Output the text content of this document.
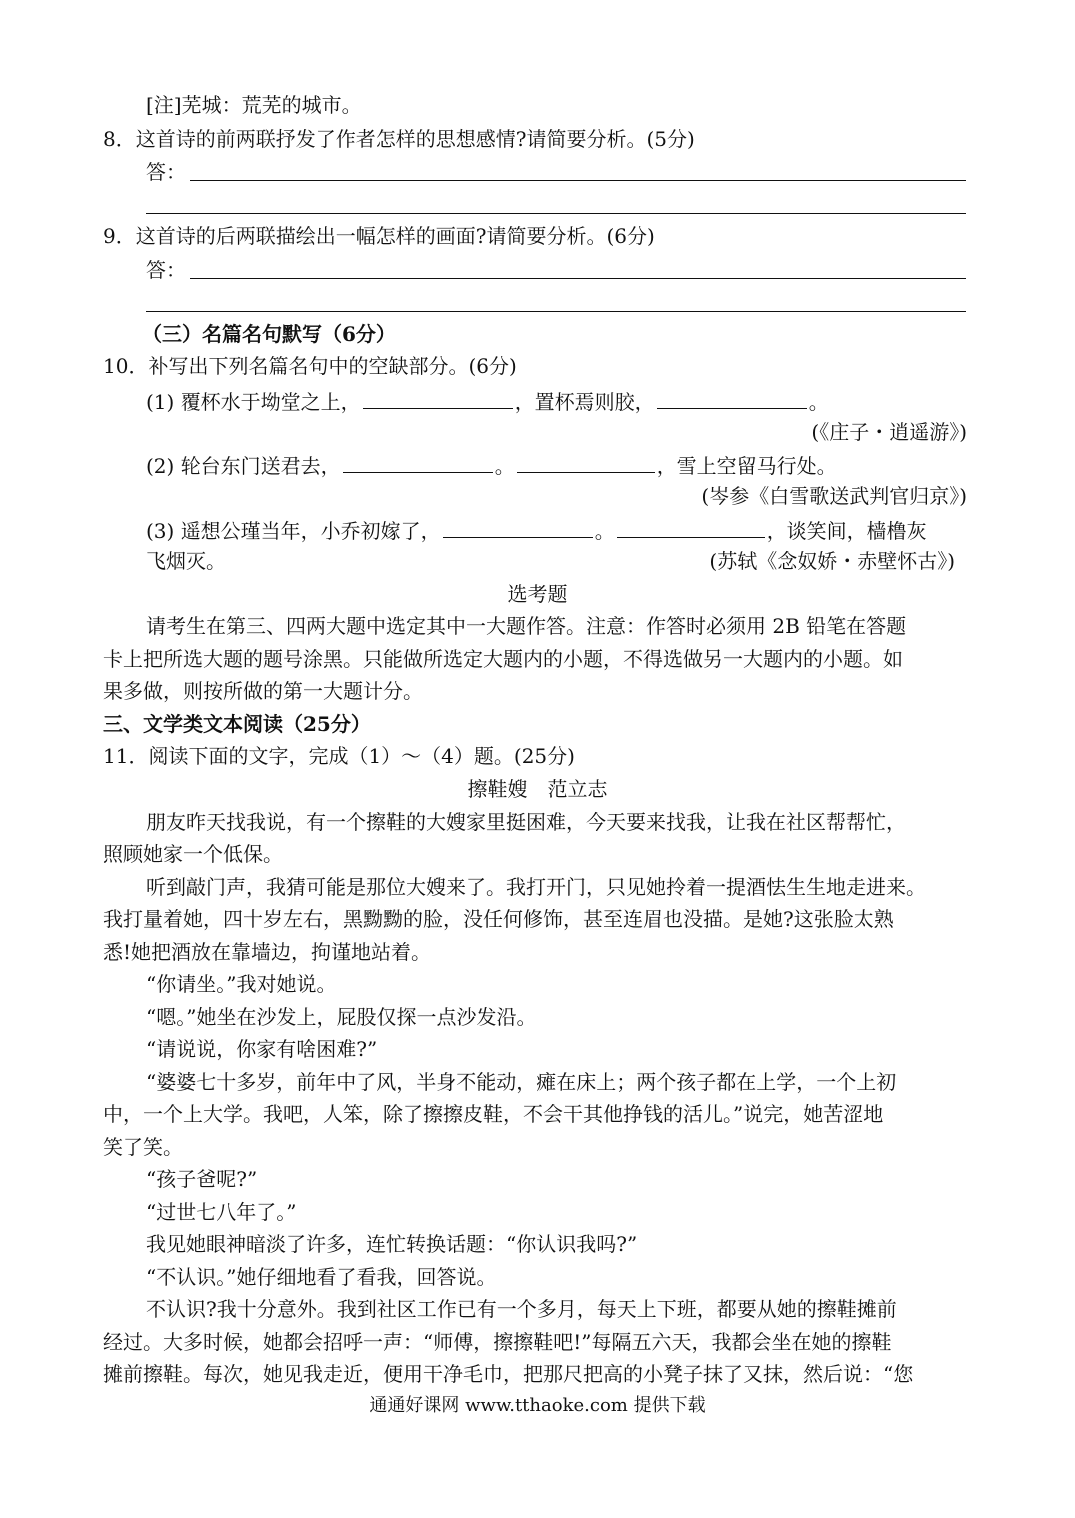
[注]芜城：荒芜的城市。
8．这首诗的前两联抒发了作者怎样的思想感情?请简要分析。(5分)
答：
9．这首诗的后两联描绘出一幅怎样的画面?请简要分析。(6分)
答：
（三）名篇名句默写（6分）
10．补写出下列名篇名句中的空缺部分。(6分)
(1) 覆杯水于坳堂之上，	，置杯焉则胶，	。
(《庄子・逍遥游》)
(2) 轮台东门送君去，	。	，雪上空留马行处。
(岑参《白雪歌送武判官归京》)
(3) 遥想公瑾当年，小乔初嫁了，	。	，谈笑间，樯橹灰
飞烟灭。	(苏轼《念奴娇・赤壁怀古》)
选考题
请考生在第三、四两大题中选定其中一大题作答。注意：作答时必须用 2B 铅笔在答题
卡上把所选大题的题号涂黑。只能做所选定大题内的小题，不得选做另一大题内的小题。如
果多做，则按所做的第一大题计分。
三、文学类文本阅读（25分）
11．阅读下面的文字，完成（1）～（4）题。(25分)
擦鞋嫂　范立志
朋友昨天找我说，有一个擦鞋的大嫂家里挺困难，今天要来找我，让我在社区帮帮忙，
照顾她家一个低保。
听到敲门声，我猜可能是那位大嫂来了。我打开门，只见她拎着一提酒怯生生地走进来。
我打量着她，四十岁左右，黑黝黝的脸，没任何修饰，甚至连眉也没描。是她?这张脸太熟
悉!她把酒放在靠墙边，拘谨地站着。
“你请坐。”我对她说。
“嗯。”她坐在沙发上，屁股仅探一点沙发沿。
“请说说，你家有啥困难?”
“婆婆七十多岁，前年中了风，半身不能动，瘫在床上；两个孩子都在上学，一个上初
中，一个上大学。我吧，人笨，除了擦擦皮鞋，不会干其他挣钱的活儿。”说完，她苦涩地
笑了笑。
“孩子爸呢?”
“过世七八年了。”
我见她眼神暗淡了许多，连忙转换话题：“你认识我吗?”
“不认识。”她仔细地看了看我，回答说。
不认识?我十分意外。我到社区工作已有一个多月，每天上下班，都要从她的擦鞋摊前
经过。大多时候，她都会招呼一声：“师傅，擦擦鞋吧!”每隔五六天，我都会坐在她的擦鞋
摊前擦鞋。每次，她见我走近，便用干净毛巾，把那尺把高的小凳子抹了又抹，然后说：“您
通通好课网 www.tthaoke.com 提供下载
